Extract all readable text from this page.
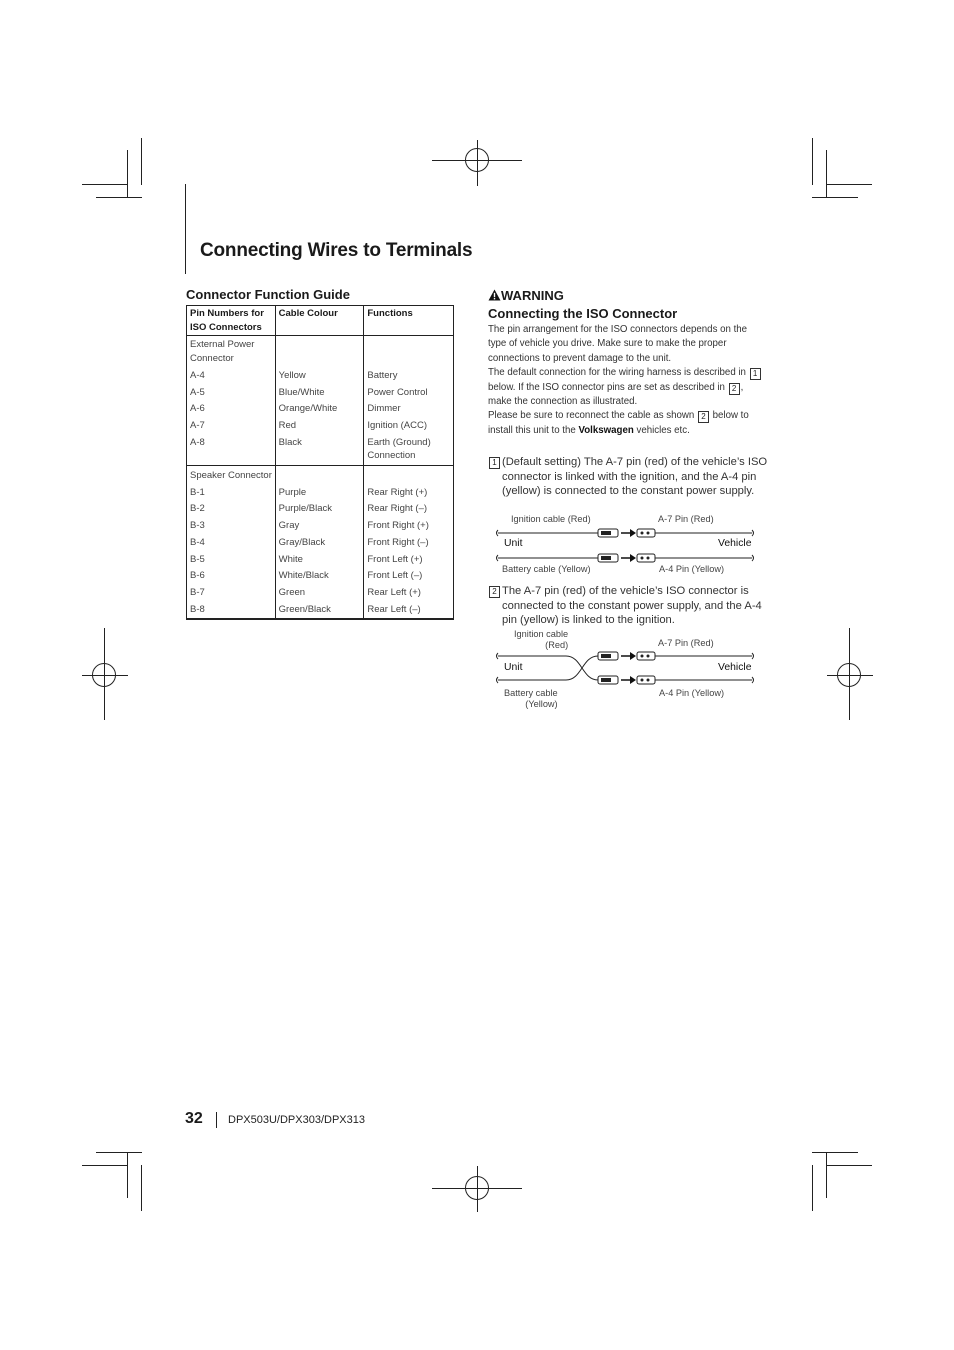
Connecting Wires to Terminals
Connector Function Guide
Pin Numbers for ISO Connectors	Cable Colour	Functions
External Power Connector		
A-4	Yellow	Battery
A-5	Blue/White	Power Control
A-6	Orange/White	Dimmer
A-7	Red	Ignition (ACC)
A-8	Black	Earth (Ground) Connection
Speaker Connector		
B-1	Purple	Rear Right (+)
B-2	Purple/Black	Rear Right (–)
B-3	Gray	Front Right (+)
B-4	Gray/Black	Front Right (–)
B-5	White	Front Left (+)
B-6	White/Black	Front Left (–)
B-7	Green	Rear Left (+)
B-8	Green/Black	Rear Left (–)
WARNING
Connecting the ISO Connector
The pin arrangement for the ISO connectors depends on the type of vehicle you drive. Make sure to make the proper connections to prevent damage to the unit.
The default connection for the wiring harness is described in 1 below. If the ISO connector pins are set as described in 2 , make the connection as illustrated.
Please be sure to reconnect the cable as shown 2 below to install this unit to the Volkswagen vehicles etc.
1 (Default setting) The A-7 pin (red) of the vehicle’s ISO connector is linked with the ignition, and the A-4 pin (yellow) is connected to the constant power supply.
Ignition cable (Red)	A-7 Pin (Red)
Unit	Vehicle
Battery cable (Yellow)	A-4 Pin (Yellow)
2 The A-7 pin (red) of the vehicle’s ISO connector is connected to the constant power supply, and the A-4 pin (yellow) is linked to the ignition.
Ignition cable
(Red)	A-7 Pin (Red)
Unit	Vehicle
Battery cable
(Yellow)
A-4 Pin (Yellow)
32 DPX503U/DPX303/DPX313
